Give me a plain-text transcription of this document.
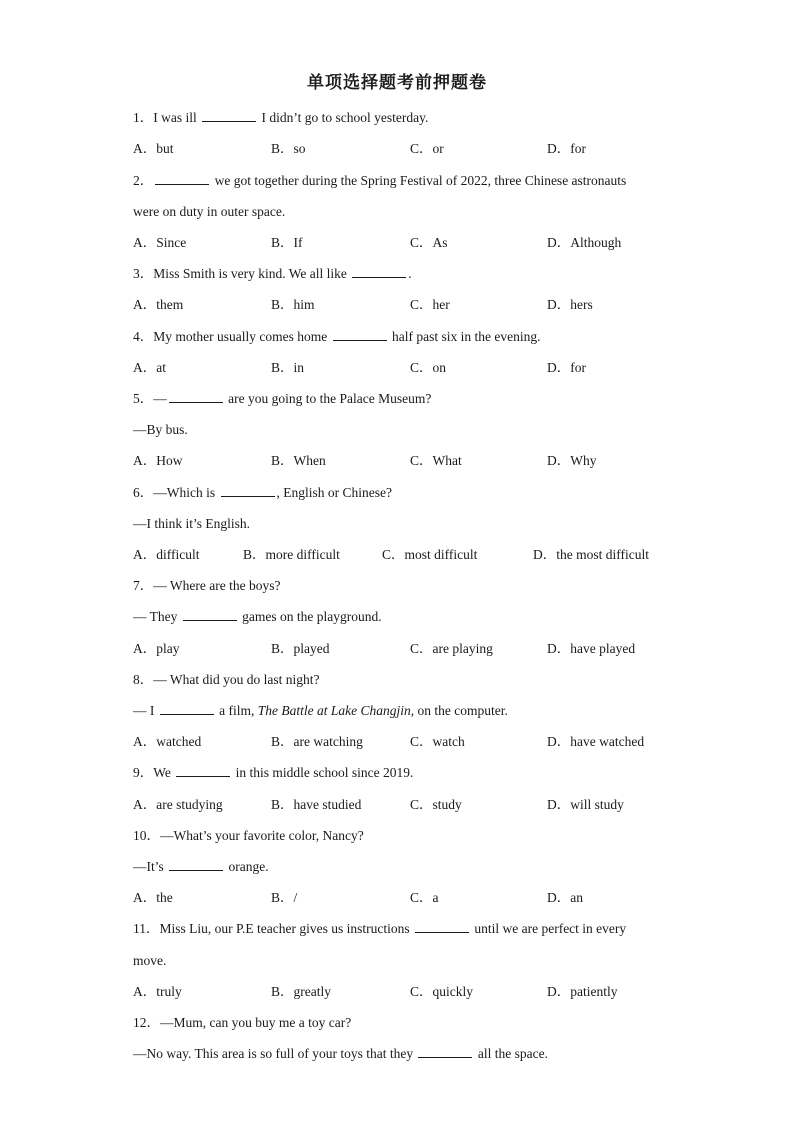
单项选择题考前押题卷
1．I was ill	I didn’t go to school yesterday.
A．but	B．so	C．or	D．for
2．	we got together during the Spring Festival of 2022, three Chinese astronauts
were on duty in outer space.
A．Since	B．If	C．As	D．Although
3．Miss Smith is very kind. We all like	.
A．them	B．him	C．her	D．hers
4．My mother usually comes home	half past six in the evening.
A．at	B．in	C．on	D．for
5．—	are you going to the Palace Museum?
—By bus.
A．How	B．When	C．What	D．Why
6．—Which is	, English or Chinese?
—I think it’s English.
A．difficult	B．more difficult	C．most difficult	D．the most difficult
7．— Where are the boys?
— They	games on the playground.
A．play	B．played	C．are playing	D．have played
8．— What did you do last night?
— I	a film, The Battle at Lake Changjin, on the computer.
A．watched	B．are watching	C．watch	D．have watched
9．We	in this middle school since 2019.
A．are studying	B．have studied	C．study	D．will study
10．—What’s your favorite color, Nancy?
—It’s	orange.
A．the	B．/	C．a	D．an
11．Miss Liu, our P.E teacher gives us instructions	until we are perfect in every
move.
A．truly	B．greatly	C．quickly	D．patiently
12．—Mum, can you buy me a toy car?
—No way. This area is so full of your toys that they	all the space.
